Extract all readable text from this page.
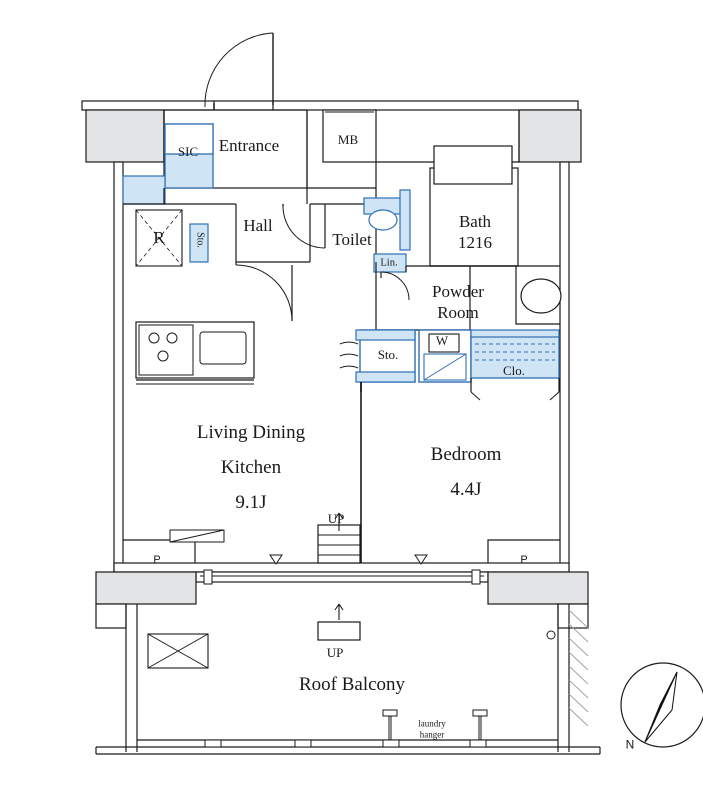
SIC Entrance	MB
Hall
Toilet
Bath
1216
R	Sto.
Lin.
Powder
Room
Sto.
W
Clo.
Living Dining
Kitchen
9.1J
Bedroom
4.4J
UP
UP
Roof Balcony
laundry
hanger
P	P
N
